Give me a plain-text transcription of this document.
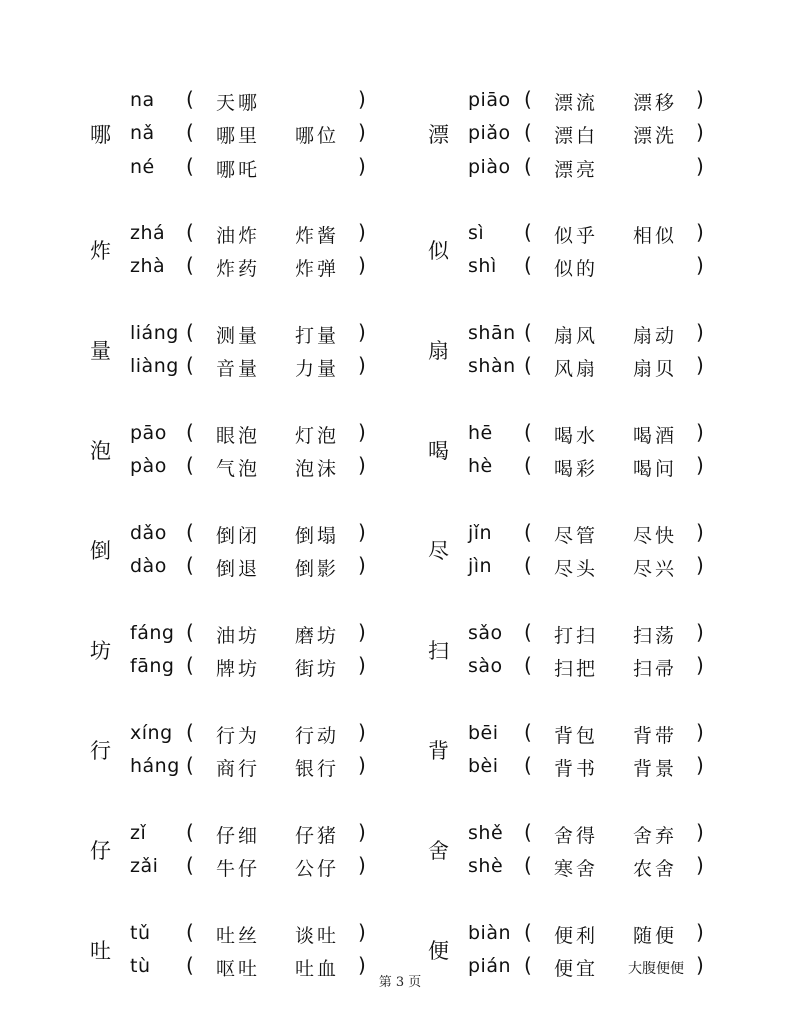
哪
na ( 天哪	)
nǎ ( 哪里 哪位 )
né ( 哪吒	)
炸
zhá ( 油炸 炸酱 )
zhà ( 炸药 炸弹 )
量
liáng ( 测量 打量 )
liàng ( 音量 力量 )
泡
pāo ( 眼泡 灯泡 )
pào ( 气泡 泡沫 )
倒
dǎo ( 倒闭 倒塌 )
dào ( 倒退 倒影 )
坊
fáng ( 油坊 磨坊 )
fāng ( 牌坊 街坊 )
行
xíng ( 行为 行动 )
háng ( 商行 银行 )
仔
zǐ ( 仔细 仔猪 )
zǎi ( 牛仔 公仔 )
吐
tǔ ( 吐丝 谈吐 )
tù ( 呕吐 吐血 )
漂
piāo ( 漂流 漂移 )
piǎo ( 漂白 漂洗 )
piào ( 漂亮	)
似
sì ( 似乎 相似 )
shì ( 似的	)
扇
shān ( 扇风 扇动 )
shàn ( 风扇 扇贝 )
喝
hē ( 喝水 喝酒 )
hè ( 喝彩 喝问 )
尽
jǐn ( 尽管 尽快 )
jìn ( 尽头 尽兴 )
扫
sǎo ( 打扫 扫荡 )
sào ( 扫把 扫帚 )
背
bēi ( 背包 背带 )
bèi ( 背书 背景 )
舍
shě ( 舍得 舍弃 )
shè ( 寒舍 农舍 )
便
biàn ( 便利 随便 )
pián ( 便宜 大腹便便 )
第 3 页
